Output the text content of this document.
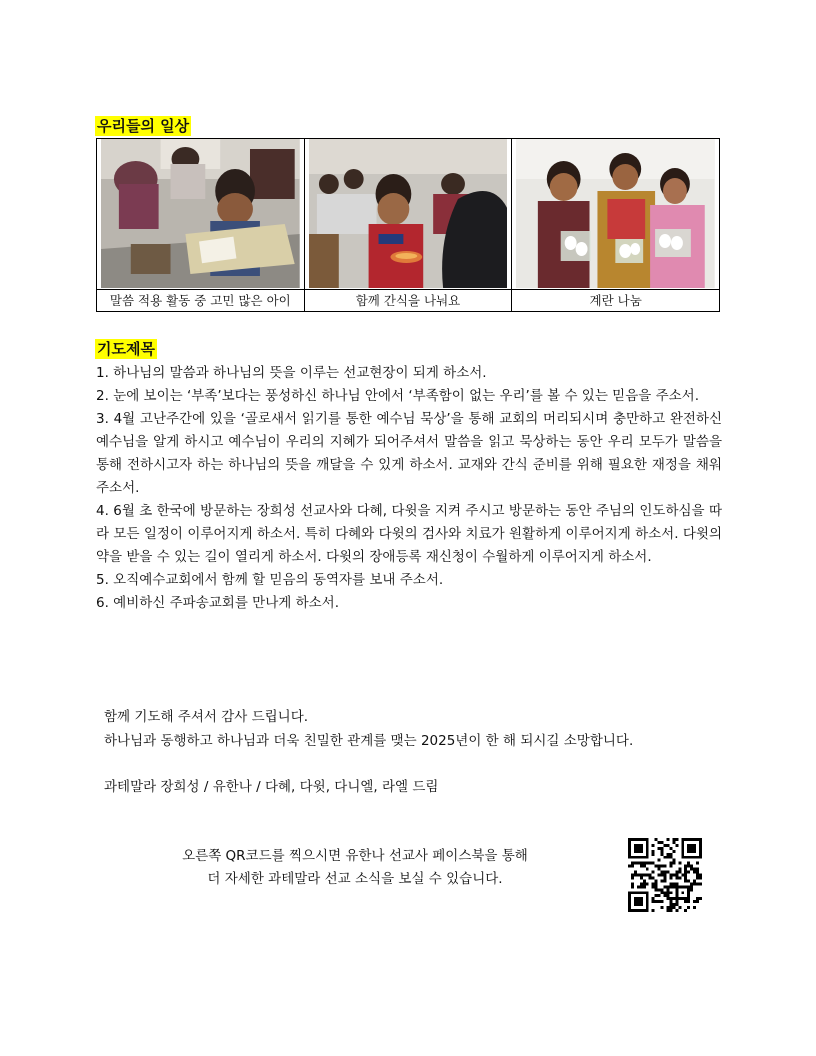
우리들의 일상

말씀 적용 활동 중 고민 많은 아이	함께 간식을 나눠요	계란 나눔
기도제목

1. 하나님의 말씀과 하나님의 뜻을 이루는 선교현장이 되게 하소서.

2. 눈에 보이는 ‘부족’보다는 풍성하신 하나님 안에서 ‘부족함이 없는 우리’를 볼 수 있는 믿음을 주소서.

3. 4월 고난주간에 있을 ‘골로새서 읽기를 통한 예수님 묵상’을 통해 교회의 머리되시며 충만하고 완전하신 예수님을 알게 하시고 예수님이 우리의 지혜가 되어주셔서 말씀을 읽고 묵상하는 동안 우리 모두가 말씀을 통해 전하시고자 하는 하나님의 뜻을 깨달을 수 있게 하소서. 교재와 간식 준비를 위해 필요한 재정을 채워주소서.

4. 6월 초 한국에 방문하는 장희성 선교사와 다혜, 다윗을 지켜 주시고 방문하는 동안 주님의 인도하심을 따라 모든 일정이 이루어지게 하소서. 특히 다혜와 다윗의 검사와 치료가 원활하게 이루어지게 하소서. 다윗의 약을 받을 수 있는 길이 열리게 하소서. 다윗의 장애등록 재신청이 수월하게 이루어지게 하소서.

5. 오직예수교회에서 함께 할 믿음의 동역자를 보내 주소서.

6. 예비하신 주파송교회를 만나게 하소서.

함께 기도해 주셔서 감사 드립니다.
하나님과 동행하고 하나님과 더욱 친밀한 관계를 맺는 2025년이 한 해 되시길 소망합니다.
과테말라 장희성 / 유한나 / 다혜, 다윗, 다니엘, 라엘 드림
오른쪽 QR코드를 찍으시면 유한나 선교사 페이스북을 통해
더 자세한 과테말라 선교 소식을 보실 수 있습니다.
